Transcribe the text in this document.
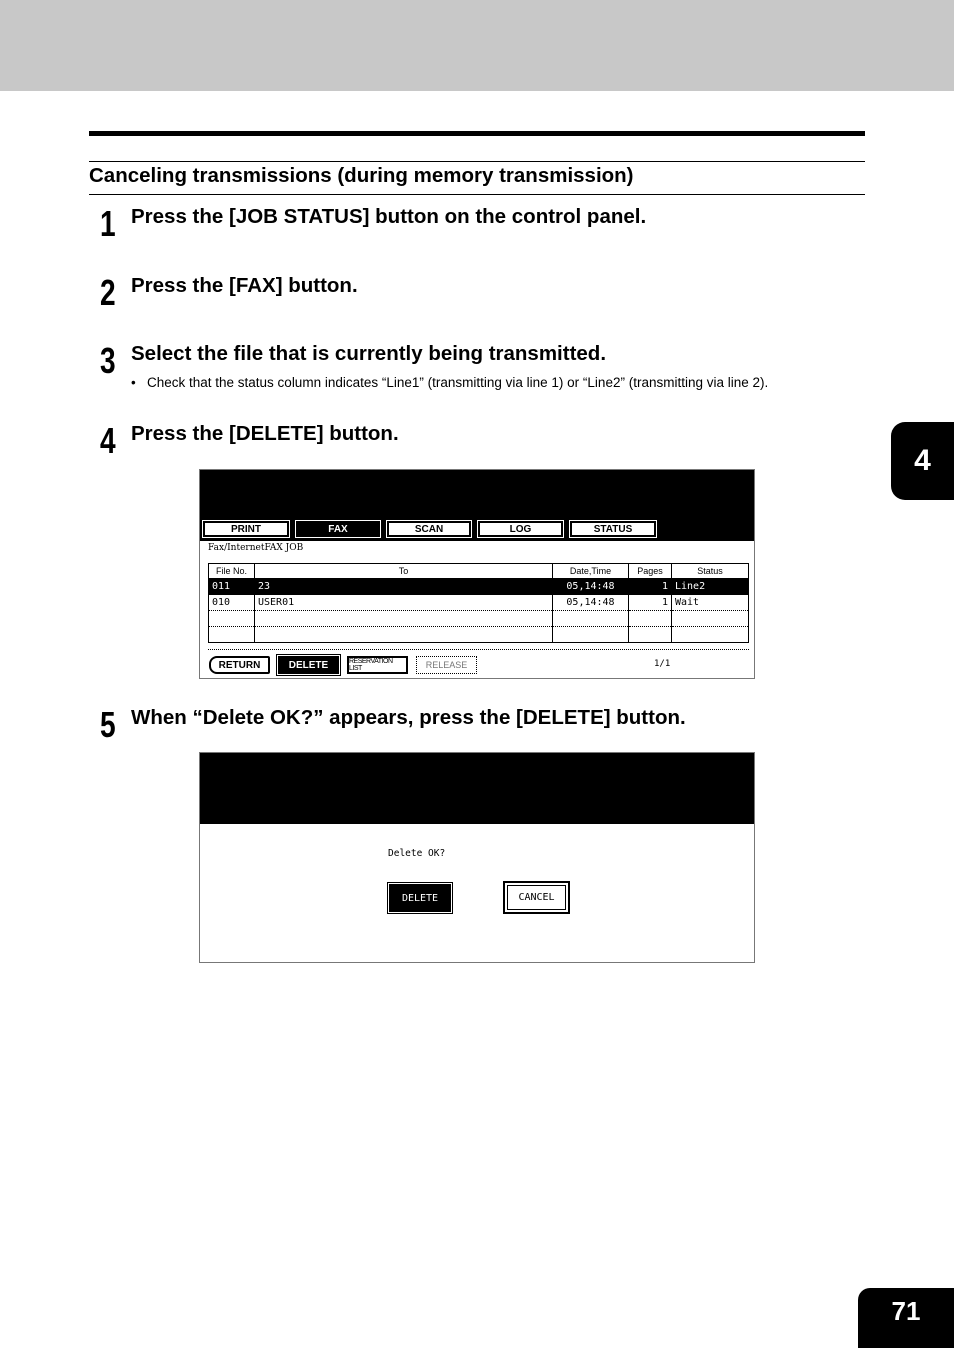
Canceling transmissions (during memory transmission)
1 Press the [JOB STATUS] button on the control panel.
2 Press the [FAX] button.
3 Select the file that is currently being transmitted.
•   Check that the status column indicates “Line1” (transmitting via line 1) or “Line2” (transmitting via line 2).
4 Press the [DELETE] button.
PRINT	FAX	SCAN	LOG	STATUS
Fax/InternetFAX JOB
File No.	To	Date,Time	Pages	Status
011	23	05,14:48	1	Line2
010	USER01	05,14:48	1	Wait

RETURN	DELETE	RESERVATION LIST	RELEASE	1/1
5 When “Delete OK?” appears, press the [DELETE] button.
Delete OK?
DELETE	CANCEL
4
71
